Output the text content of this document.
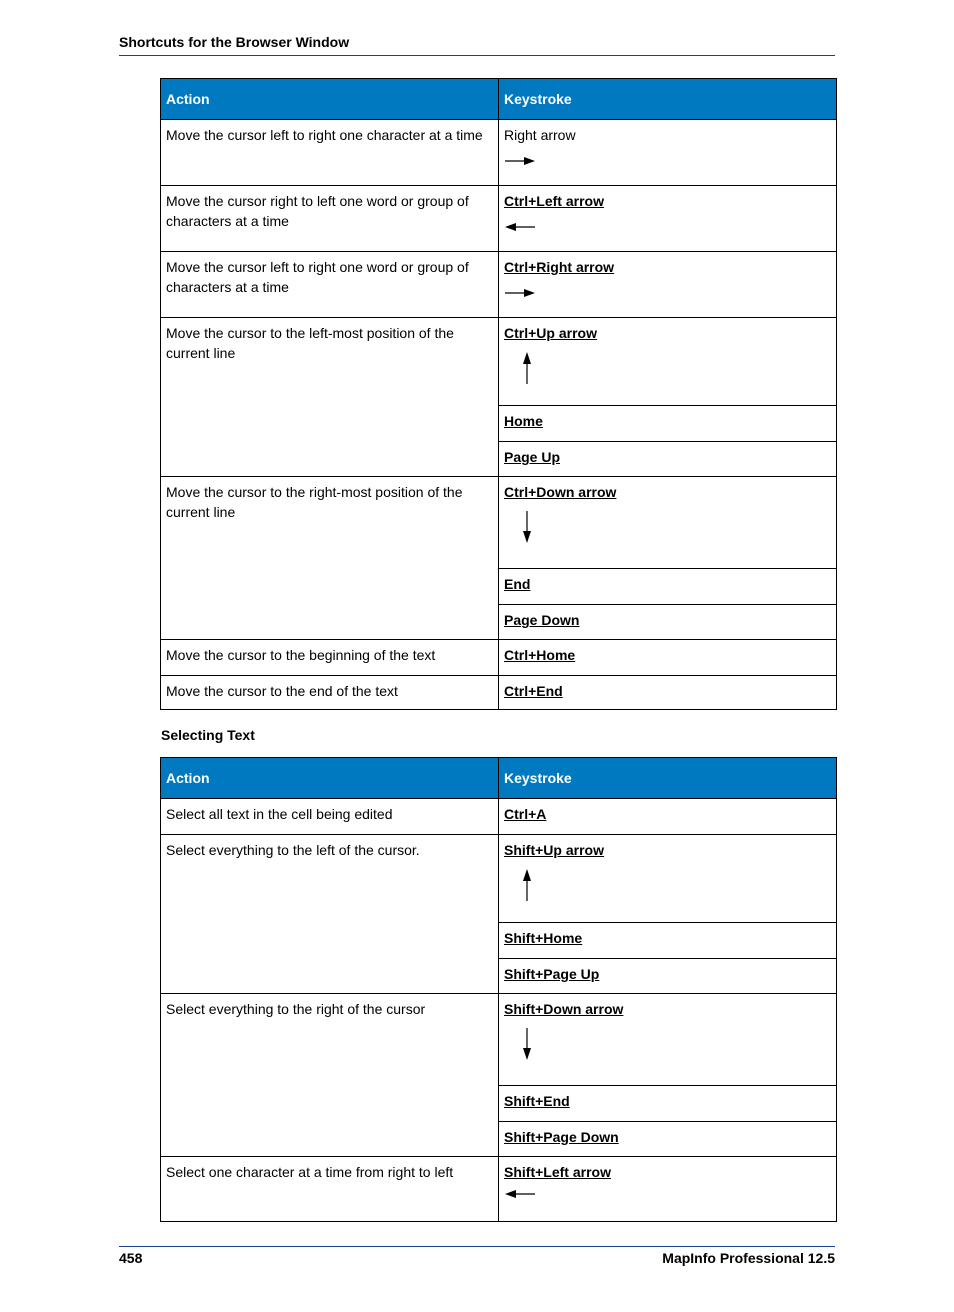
Shortcuts for the Browser Window
Action	Keystroke
Move the cursor left to right one character at a time	Right arrow

Move the cursor right to left one word or group of characters at a time	Ctrl+Left arrow

Move the cursor left to right one word or group of characters at a time	Ctrl+Right arrow

Move the cursor to the left-most position of the current line	Ctrl+Up arrow

	Home
	Page Up
Move the cursor to the right-most position of the current line	Ctrl+Down arrow

	End
	Page Down
Move the cursor to the beginning of the text	Ctrl+Home
Move the cursor to the end of the text	Ctrl+End
Selecting Text
Action	Keystroke
Select all text in the cell being edited	Ctrl+A
Select everything to the left of the cursor.	Shift+Up arrow

	Shift+Home
	Shift+Page Up
Select everything to the right of the cursor	Shift+Down arrow

	Shift+End
	Shift+Page Down
Select one character at a time from right to left	Shift+Left arrow
458	MapInfo Professional 12.5
